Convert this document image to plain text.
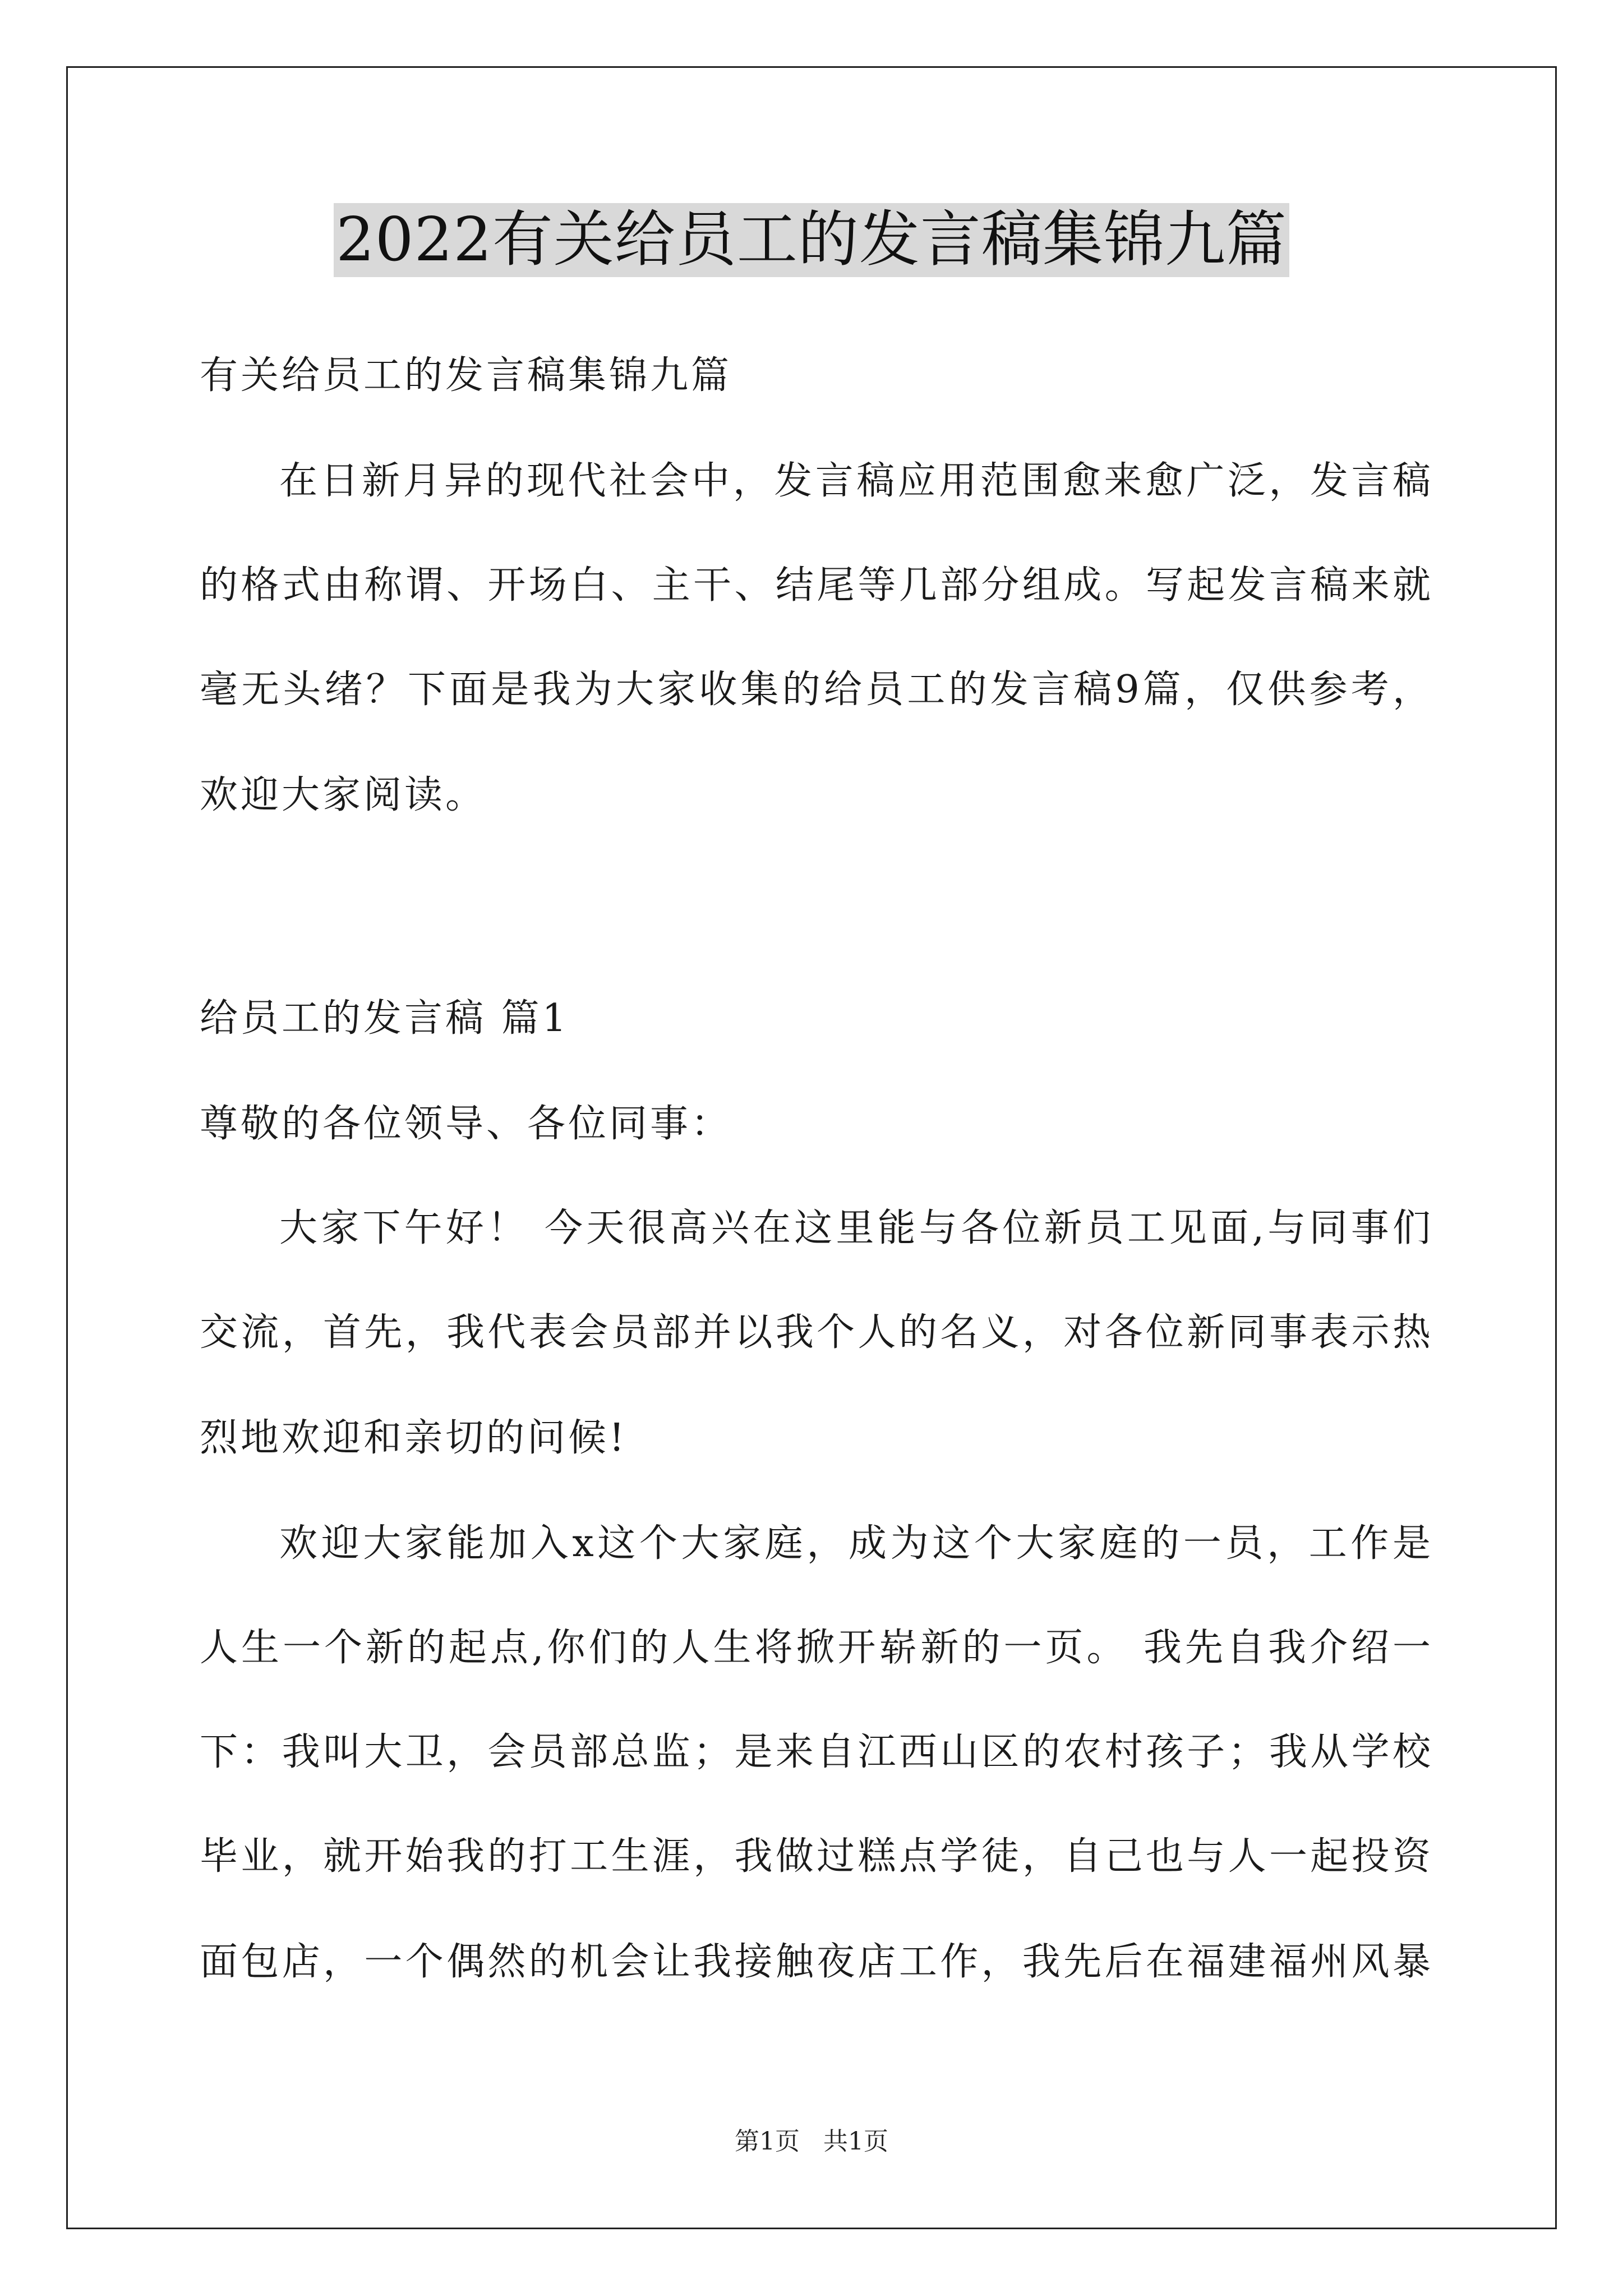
2022有关给员工的发言稿集锦九篇
有关给员工的发言稿集锦九篇
在日新月异的现代社会中，发言稿应用范围愈来愈广泛，发言稿
的格式由称谓、开场白、主干、结尾等几部分组成。写起发言稿来就
毫无头绪？下面是我为大家收集的给员工的发言稿9篇，仅供参考，
欢迎大家阅读。
给员工的发言稿 篇1
尊敬的各位领导、各位同事：
大家下午好！ 今天很高兴在这里能与各位新员工见面,与同事们
交流，首先，我代表会员部并以我个人的名义，对各位新同事表示热
烈地欢迎和亲切的问候!
欢迎大家能加入x这个大家庭，成为这个大家庭的一员，工作是
人生一个新的起点,你们的人生将掀开崭新的一页。 我先自我介绍一
下：我叫大卫，会员部总监；是来自江西山区的农村孩子；我从学校
毕业，就开始我的打工生涯，我做过糕点学徒，自己也与人一起投资
面包店，一个偶然的机会让我接触夜店工作，我先后在福建福州风暴
第1页 共1页
